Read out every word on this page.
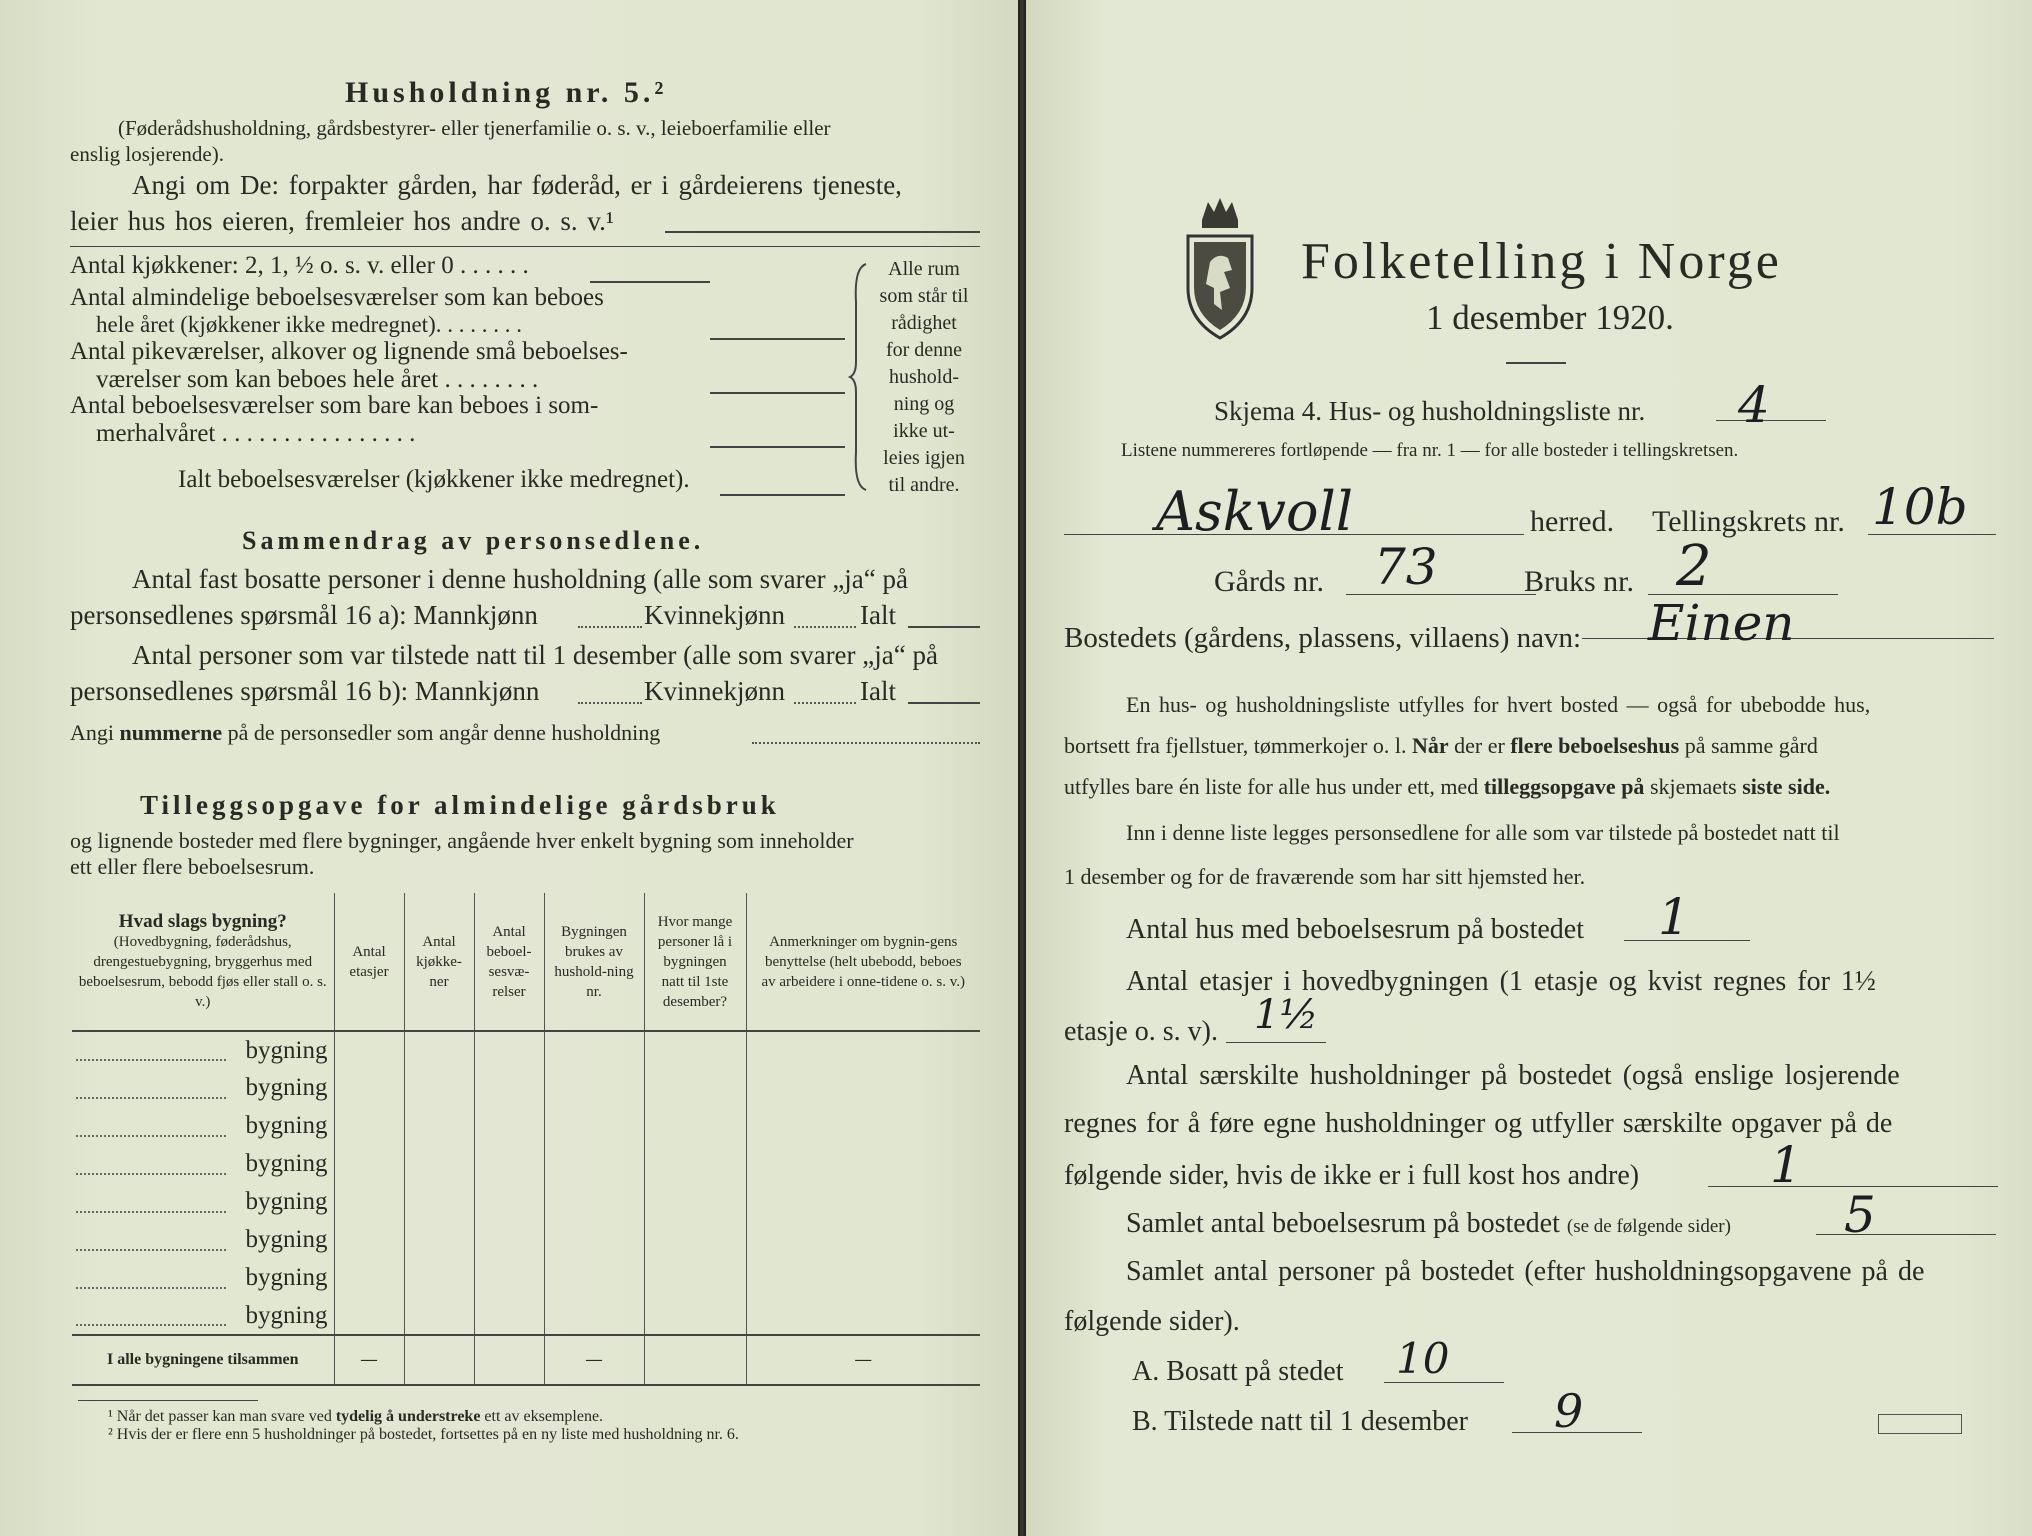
Husholdning nr. 5.²
(Føderådshusholdning, gårdsbestyrer- eller tjenerfamilie o. s. v., leieboerfamilie eller
enslig losjerende).
Angi om De: forpakter gården, har føderåd, er i gårdeierens tjeneste,
leier hus hos eieren, fremleier hos andre o. s. v.¹
Antal kjøkkener: 2, 1, ½ o. s. v. eller 0 . . . . . .
Antal almindelige beboelsesværelser som kan beboes
hele året (kjøkkener ikke medregnet). . . . . . . .
Antal pikeværelser, alkover og lignende små beboelses-
værelser som kan beboes hele året . . . . . . . .
Antal beboelsesværelser som bare kan beboes i som-
merhalvåret . . . . . . . . . . . . . . . .
Ialt beboelsesværelser (kjøkkener ikke medregnet).
Alle rum
som står til
rådighet
for denne
hushold-
ning og
ikke ut-
leies igjen
til andre.
Sammendrag av personsedlene.
Antal fast bosatte personer i denne husholdning (alle som svarer „ja“ på
personsedlenes spørsmål 16 a): Mannkjønn	Kvinnekjønn	Ialt
Antal personer som var tilstede natt til 1 desember (alle som svarer „ja“ på
personsedlenes spørsmål 16 b): Mannkjønn	Kvinnekjønn	Ialt
Angi nummerne på de personsedler som angår denne husholdning
Tilleggsopgave for almindelige gårdsbruk
og lignende bosteder med flere bygninger, angående hver enkelt bygning som inneholder
ett eller flere beboelsesrum.
Hvad slags bygning?
(Hovedbygning, føderådshus, drengestuebygning, bryggerhus med beboelsesrum, bebodd fjøs eller stall o. s. v.)	Antal etasjer	Antal kjøkke-ner	Antal beboel-sesvæ-relser	Bygningen brukes av hushold-ning nr.	Hvor mange personer lå i bygningen natt til 1ste desember?	Anmerkninger om bygnin-gens benyttelse (helt ubebodd, beboes av arbeidere i onne-tidene o. s. v.)

bygning						

bygning						

bygning						

bygning						

bygning						

bygning						

bygning						

bygning						
I alle bygningene tilsammen	—			—		—
¹ Når det passer kan man svare ved tydelig å understreke ett av eksemplene.
² Hvis der er flere enn 5 husholdninger på bostedet, fortsettes på en ny liste med husholdning nr. 6.
Folketelling i Norge
1 desember 1920.
Skjema 4. Hus- og husholdningsliste nr. 4
Listene nummereres fortløpende — fra nr. 1 — for alle bosteder i tellingskretsen.
Askvoll	herred. Tellingskrets nr. 10b
Gårds nr. 73	Bruks nr. 2
Bostedets (gårdens, plassens, villaens) navn: Einen
En hus- og husholdningsliste utfylles for hvert bosted — også for ubebodde hus,
bortsett fra fjellstuer, tømmerkojer o. l. Når der er flere beboelseshus på samme gård
utfylles bare én liste for alle hus under ett, med tilleggsopgave på skjemaets siste side.
Inn i denne liste legges personsedlene for alle som var tilstede på bostedet natt til
1 desember og for de fraværende som har sitt hjemsted her.
Antal hus med beboelsesrum på bostedet 1
Antal etasjer i hovedbygningen (1 etasje og kvist regnes for 1½
etasje o. s. v). 1½
Antal særskilte husholdninger på bostedet (også enslige losjerende
regnes for å føre egne husholdninger og utfyller særskilte opgaver på de
følgende sider, hvis de ikke er i full kost hos andre)	1
Samlet antal beboelsesrum på bostedet (se de følgende sider) 5
Samlet antal personer på bostedet (efter husholdningsopgavene på de
følgende sider).
A. Bosatt på stedet 10
B. Tilstede natt til 1 desember 9
